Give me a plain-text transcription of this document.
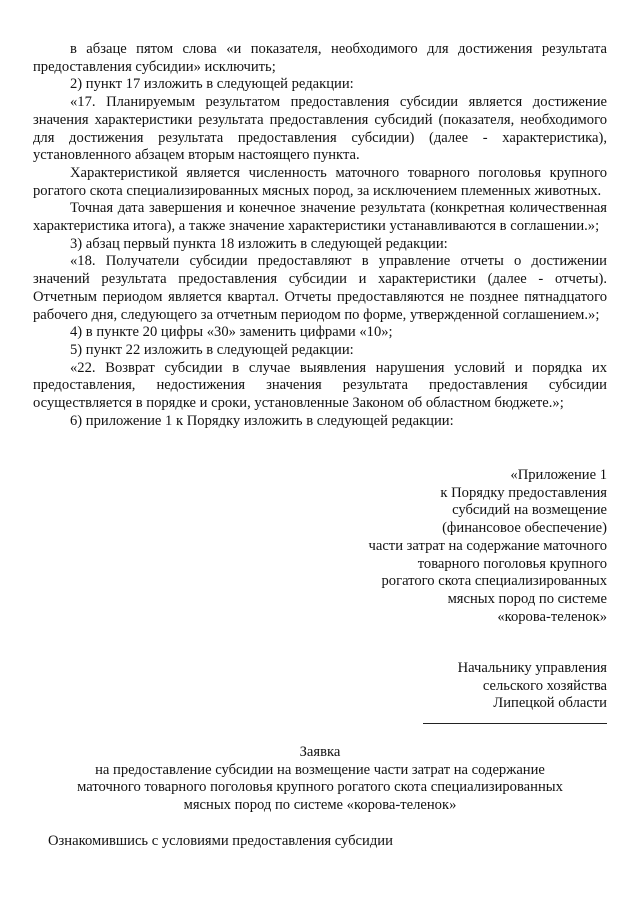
в абзаце пятом слова «и показателя, необходимого для достижения результата предоставления субсидии» исключить;

2) пункт 17 изложить в следующей редакции:

«17. Планируемым результатом предоставления субсидии является достижение значения характеристики результата предоставления субсидий (показателя, необходимого для достижения результата предоставления субсидии) (далее - характеристика), установленного абзацем вторым настоящего пункта.

Характеристикой является численность маточного товарного поголовья крупного рогатого скота специализированных мясных пород, за исключением племенных животных.

Точная дата завершения и конечное значение результата (конкретная количественная характеристика итога), а также значение характеристики устанавливаются в соглашении.»;

3) абзац первый пункта 18 изложить в следующей редакции:

«18. Получатели субсидии предоставляют в управление отчеты о достижении значений результата предоставления субсидии и характеристики (далее - отчеты). Отчетным периодом является квартал. Отчеты предоставляются не позднее пятнадцатого рабочего дня, следующего за отчетным периодом по форме, утвержденной соглашением.»;

4) в пункте 20 цифры «30» заменить цифрами «10»;

5) пункт 22 изложить в следующей редакции:

«22. Возврат субсидии в случае выявления нарушения условий и порядка их предоставления, недостижения значения результата предоставления субсидии осуществляется в порядке и сроки, установленные Законом об областном бюджете.»;

6) приложение 1 к Порядку изложить в следующей редакции:

«Приложение 1
к Порядку предоставления
субсидий на возмещение
(финансовое обеспечение)
части затрат на содержание маточного
товарного поголовья крупного
рогатого скота специализированных
мясных пород по системе
«корова-теленок»
Начальнику управления
сельского хозяйства
Липецкой области
Заявка
на предоставление субсидии на возмещение части затрат на содержание
маточного товарного поголовья крупного рогатого скота специализированных
мясных пород по системе «корова-теленок»
Ознакомившись с условиями предоставления субсидии
